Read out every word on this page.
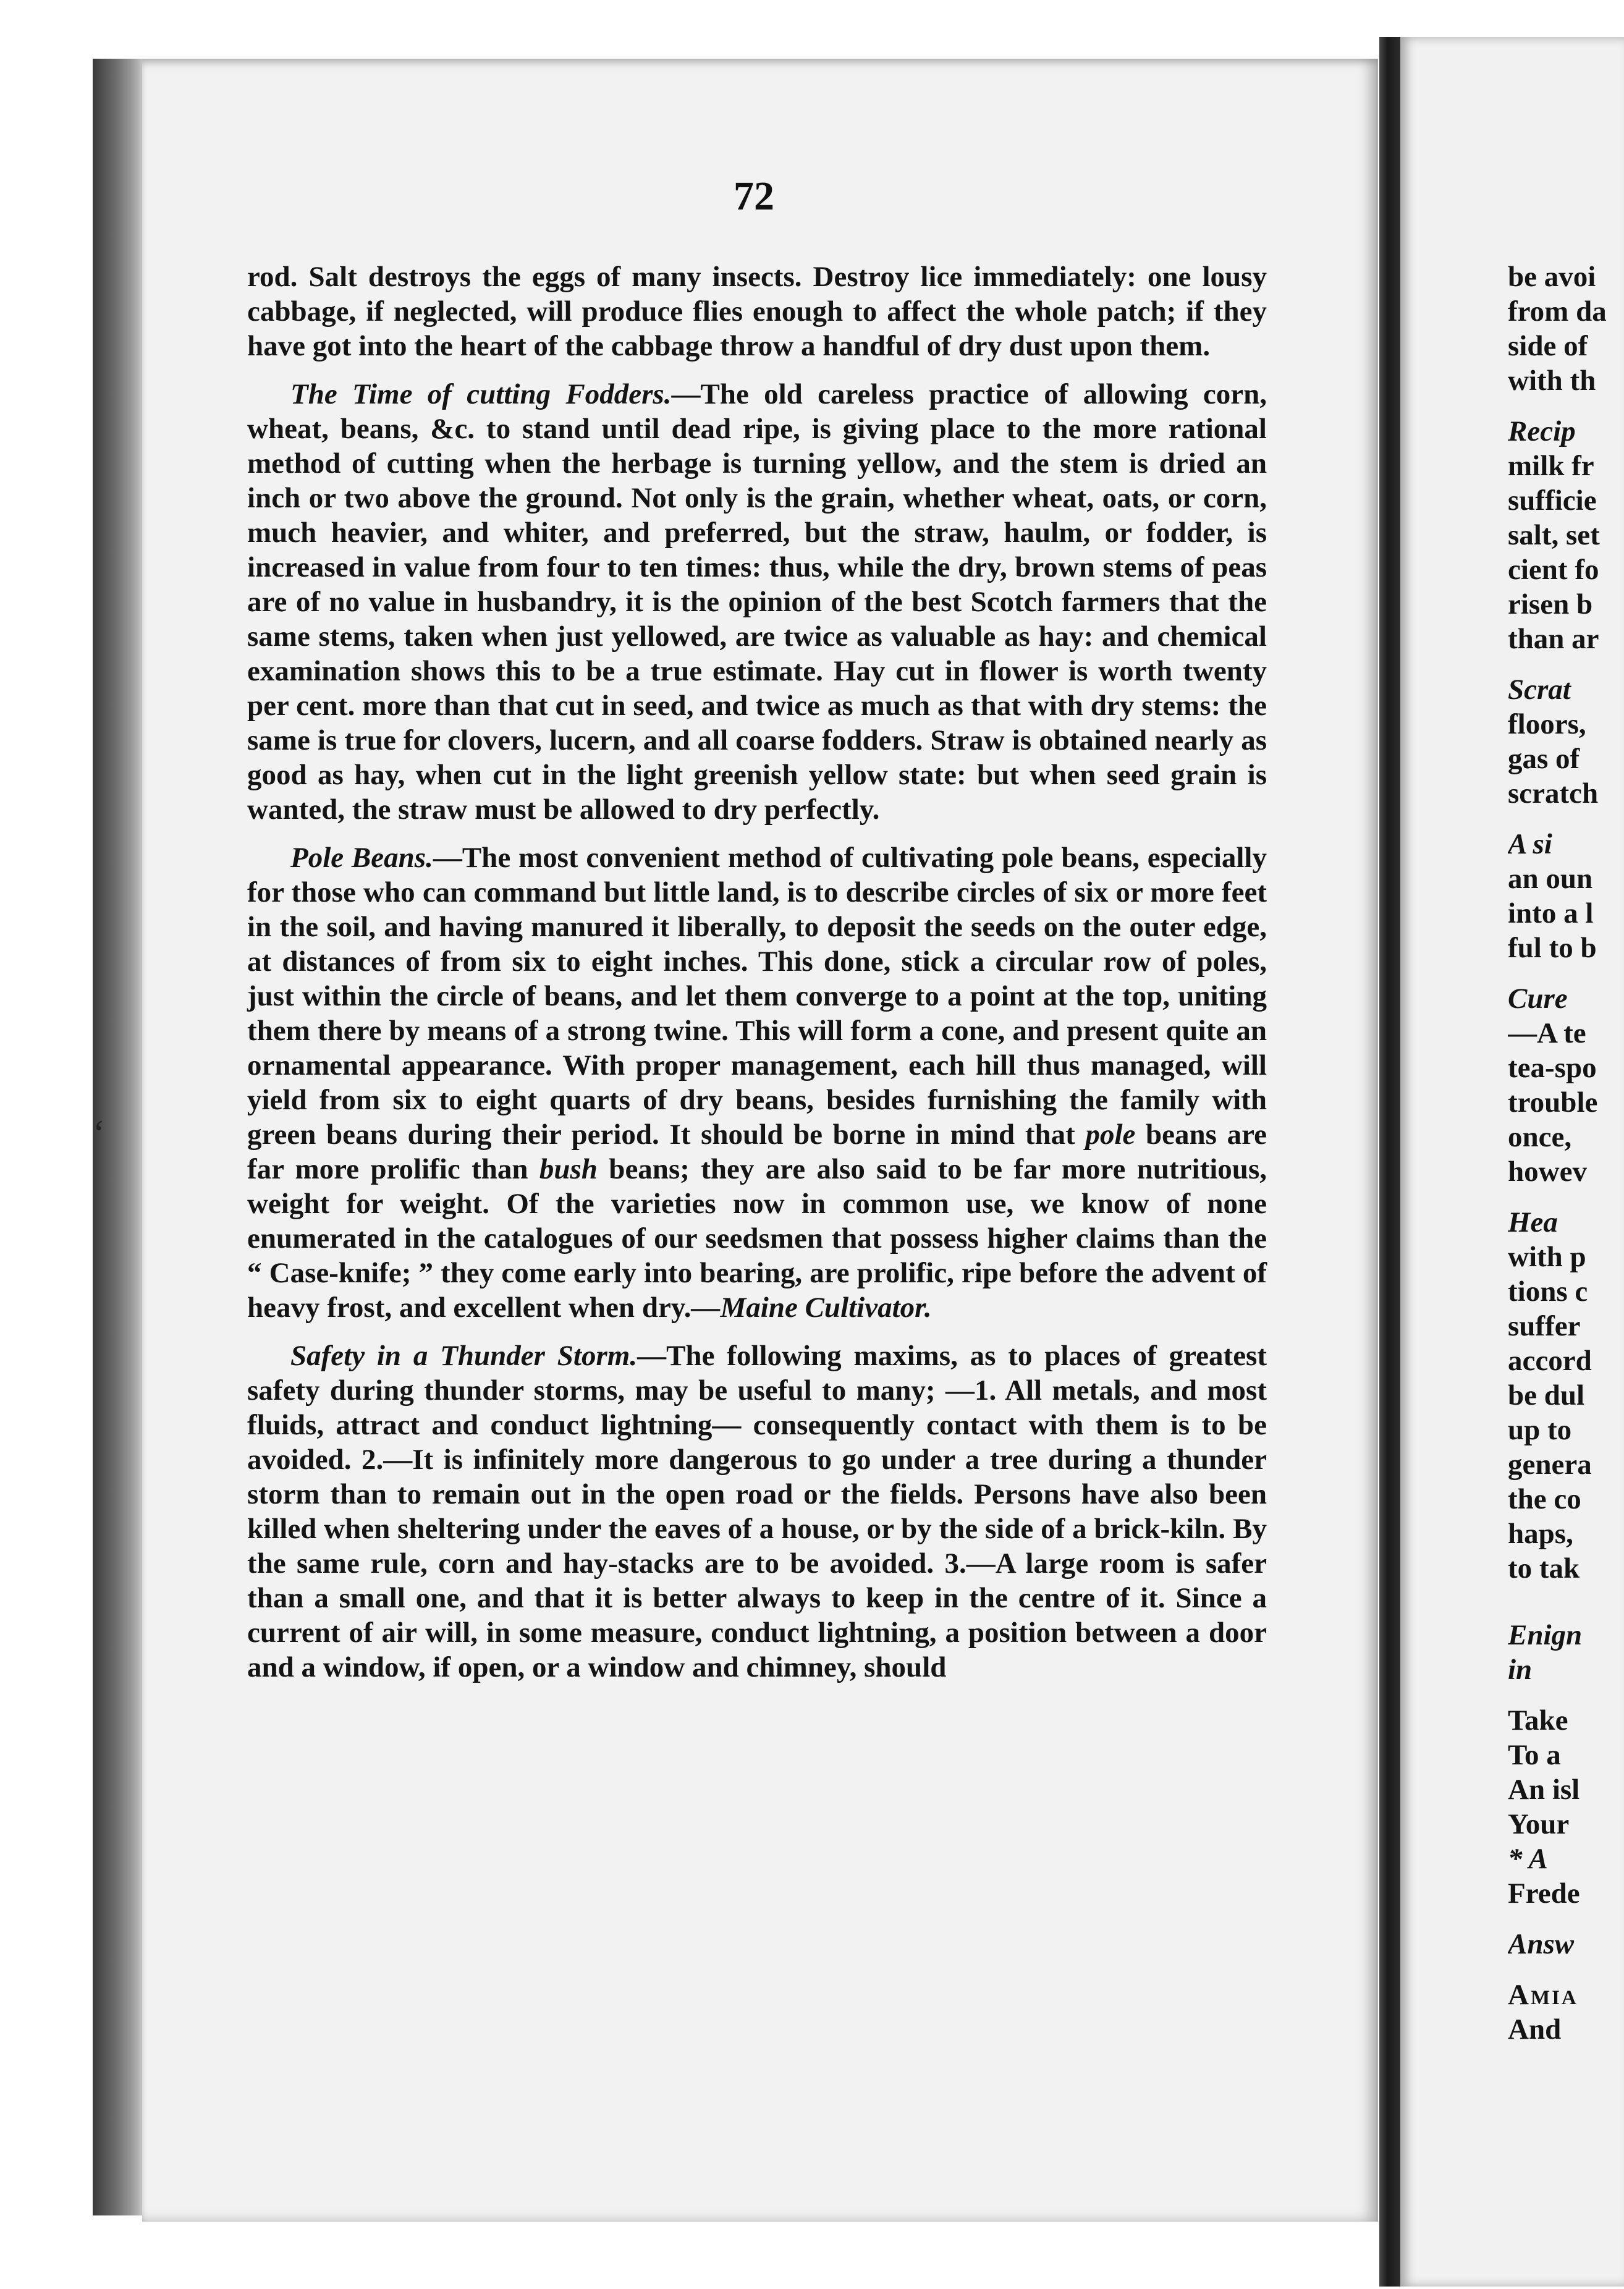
72

rod. Salt destroys the eggs of many insects. Destroy lice immediately: one lousy cabbage, if neglected, will produce flies enough to affect the whole patch; if they have got into the heart of the cabbage throw a handful of dry dust upon them.

The Time of cutting Fodders.—The old careless practice of allowing corn, wheat, beans, &c. to stand until dead ripe, is giving place to the more rational method of cutting when the herbage is turning yellow, and the stem is dried an inch or two above the ground. Not only is the grain, whether wheat, oats, or corn, much heavier, and whiter, and preferred, but the straw, haulm, or fodder, is increased in value from four to ten times: thus, while the dry, brown stems of peas are of no value in husbandry, it is the opinion of the best Scotch farmers that the same stems, taken when just yellowed, are twice as valuable as hay: and chemical examination shows this to be a true estimate. Hay cut in flower is worth twenty per cent. more than that cut in seed, and twice as much as that with dry stems: the same is true for clovers, lucern, and all coarse fodders. Straw is obtained nearly as good as hay, when cut in the light greenish yellow state: but when seed grain is wanted, the straw must be allowed to dry perfectly.

Pole Beans.—The most convenient method of cultivating pole beans, especially for those who can command but little land, is to describe circles of six or more feet in the soil, and having manured it liberally, to deposit the seeds on the outer edge, at distances of from six to eight inches. This done, stick a circular row of poles, just within the circle of beans, and let them converge to a point at the top, uniting them there by means of a strong twine. This will form a cone, and present quite an ornamental appearance. With proper management, each hill thus managed, will yield from six to eight quarts of dry beans, besides furnishing the family with green beans during their period. It should be borne in mind that pole beans are far more prolific than bush beans; they are also said to be far more nutritious, weight for weight. Of the varieties now in common use, we know of none enumerated in the catalogues of our seedsmen that possess higher claims than the “ Case-knife; ” they come early into bearing, are prolific, ripe before the advent of heavy frost, and excellent when dry.—Maine Cultivator.

Safety in a Thunder Storm.—The following maxims, as to places of greatest safety during thunder storms, may be useful to many; —1. All metals, and most fluids, attract and conduct lightning— consequently contact with them is to be avoided. 2.—It is infinitely more dangerous to go under a tree during a thunder storm than to remain out in the open road or the fields. Persons have also been killed when sheltering under the eaves of a house, or by the side of a brick-kiln. By the same rule, corn and hay-stacks are to be avoided. 3.—A large room is safer than a small one, and that it is better always to keep in the centre of it. Since a current of air will, in some measure, conduct lightning, a position between a door and a window, if open, or a window and chimney, should

ʻ
be avoi
from da
side of
with th
Recip
milk fr
sufficie
salt, set
cient fo
risen b
than ar
Scrat
floors,
gas of
scratch
A si
an oun
into a l
ful to b
Cure
—A te
tea-spo
trouble
once,
howev
Hea
with p
tions c
suffer
accord
be dul
up to
genera
the co
haps,
to tak
Enign
in
Take
To a
An isl
Your
* A
Frede
Answ
Amia
And
